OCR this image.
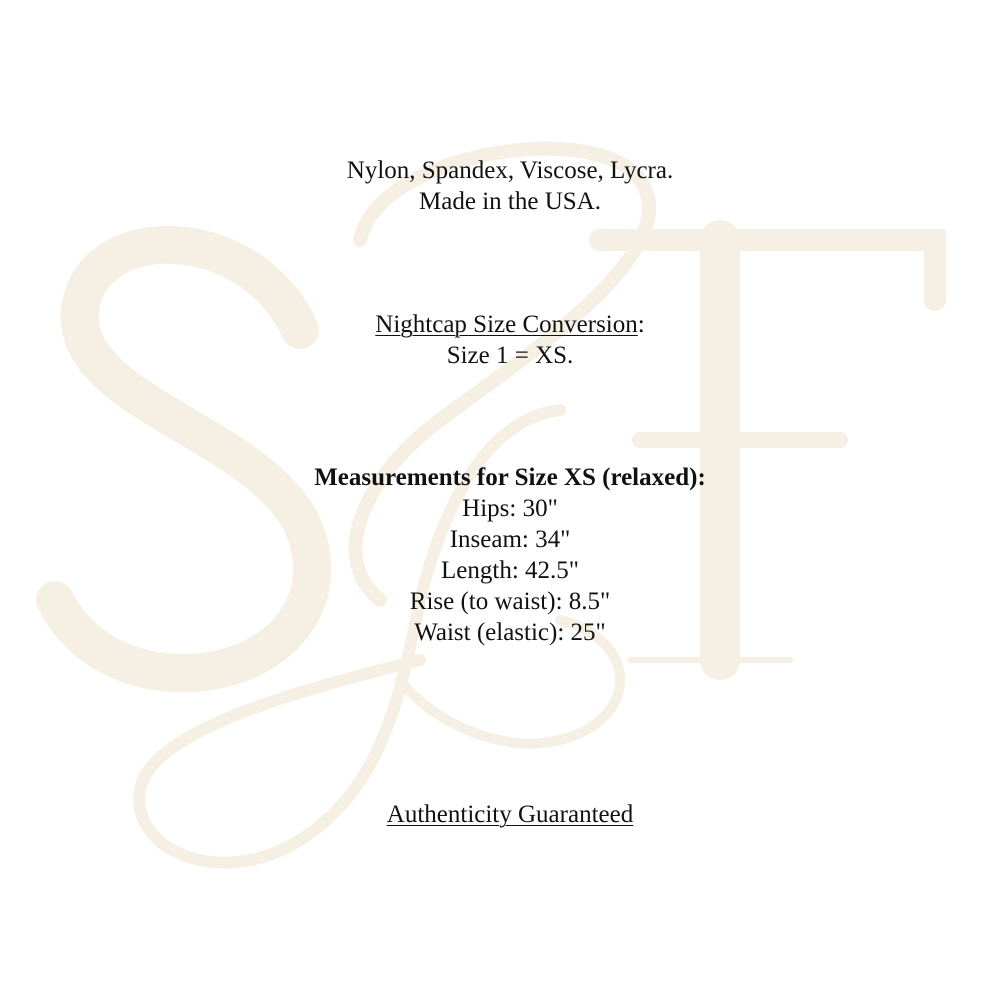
Nylon, Spandex, Viscose, Lycra.
Made in the USA.
Nightcap Size Conversion:
Size 1 = XS.
Measurements for Size XS (relaxed):
Hips: 30"
Inseam: 34"
Length: 42.5"
Rise (to waist): 8.5"
Waist (elastic): 25"
Authenticity Guaranteed
